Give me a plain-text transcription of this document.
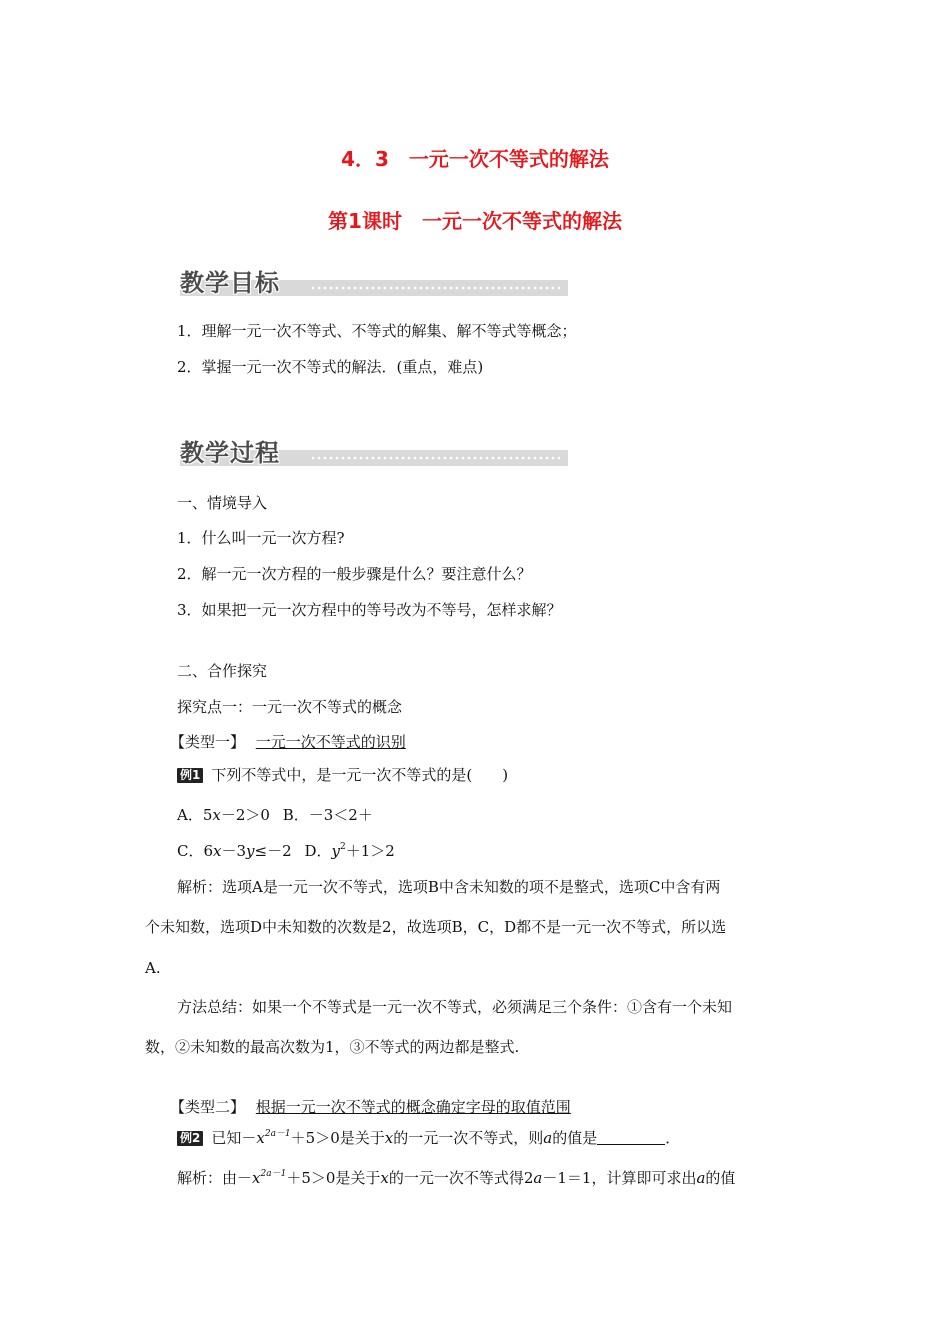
4．3　一元一次不等式的解法
第1课时　一元一次不等式的解法
教学目标
1．理解一元一次不等式、不等式的解集、解不等式等概念；
2．掌握一元一次不等式的解法．(重点，难点)
教学过程
一、情境导入
1．什么叫一元一次方程?
2．解一元一次方程的一般步骤是什么？要注意什么？
3．如果把一元一次方程中的等号改为不等号，怎样求解？
二、合作探究
探究点一：一元一次不等式的概念
【类型一】 一元一次不等式的识别
例1 下列不等式中，是一元一次不等式的是(　　)
A．5x－2＞0 B．－3＜2＋
C．6x－3y≤－2 D．$y^2+1>2$
解析：选项A是一元一次不等式，选项B中含未知数的项不是整式，选项C中含有两
个未知数，选项D中未知数的次数是2，故选项B，C，D都不是一元一次不等式，所以选
A.
方法总结：如果一个不等式是一元一次不等式，必须满足三个条件：①含有一个未知
数，②未知数的最高次数为1，③不等式的两边都是整式.
【类型二】 根据一元一次不等式的概念确定字母的取值范围
例2 已知$-x^{2a-1}+5>0$是关于x的一元一次不等式，则a的值是	．
解析：由$-x^{2a-1}+5>0$是关于x的一元一次不等式得2a－1＝1，计算即可求出a的值
